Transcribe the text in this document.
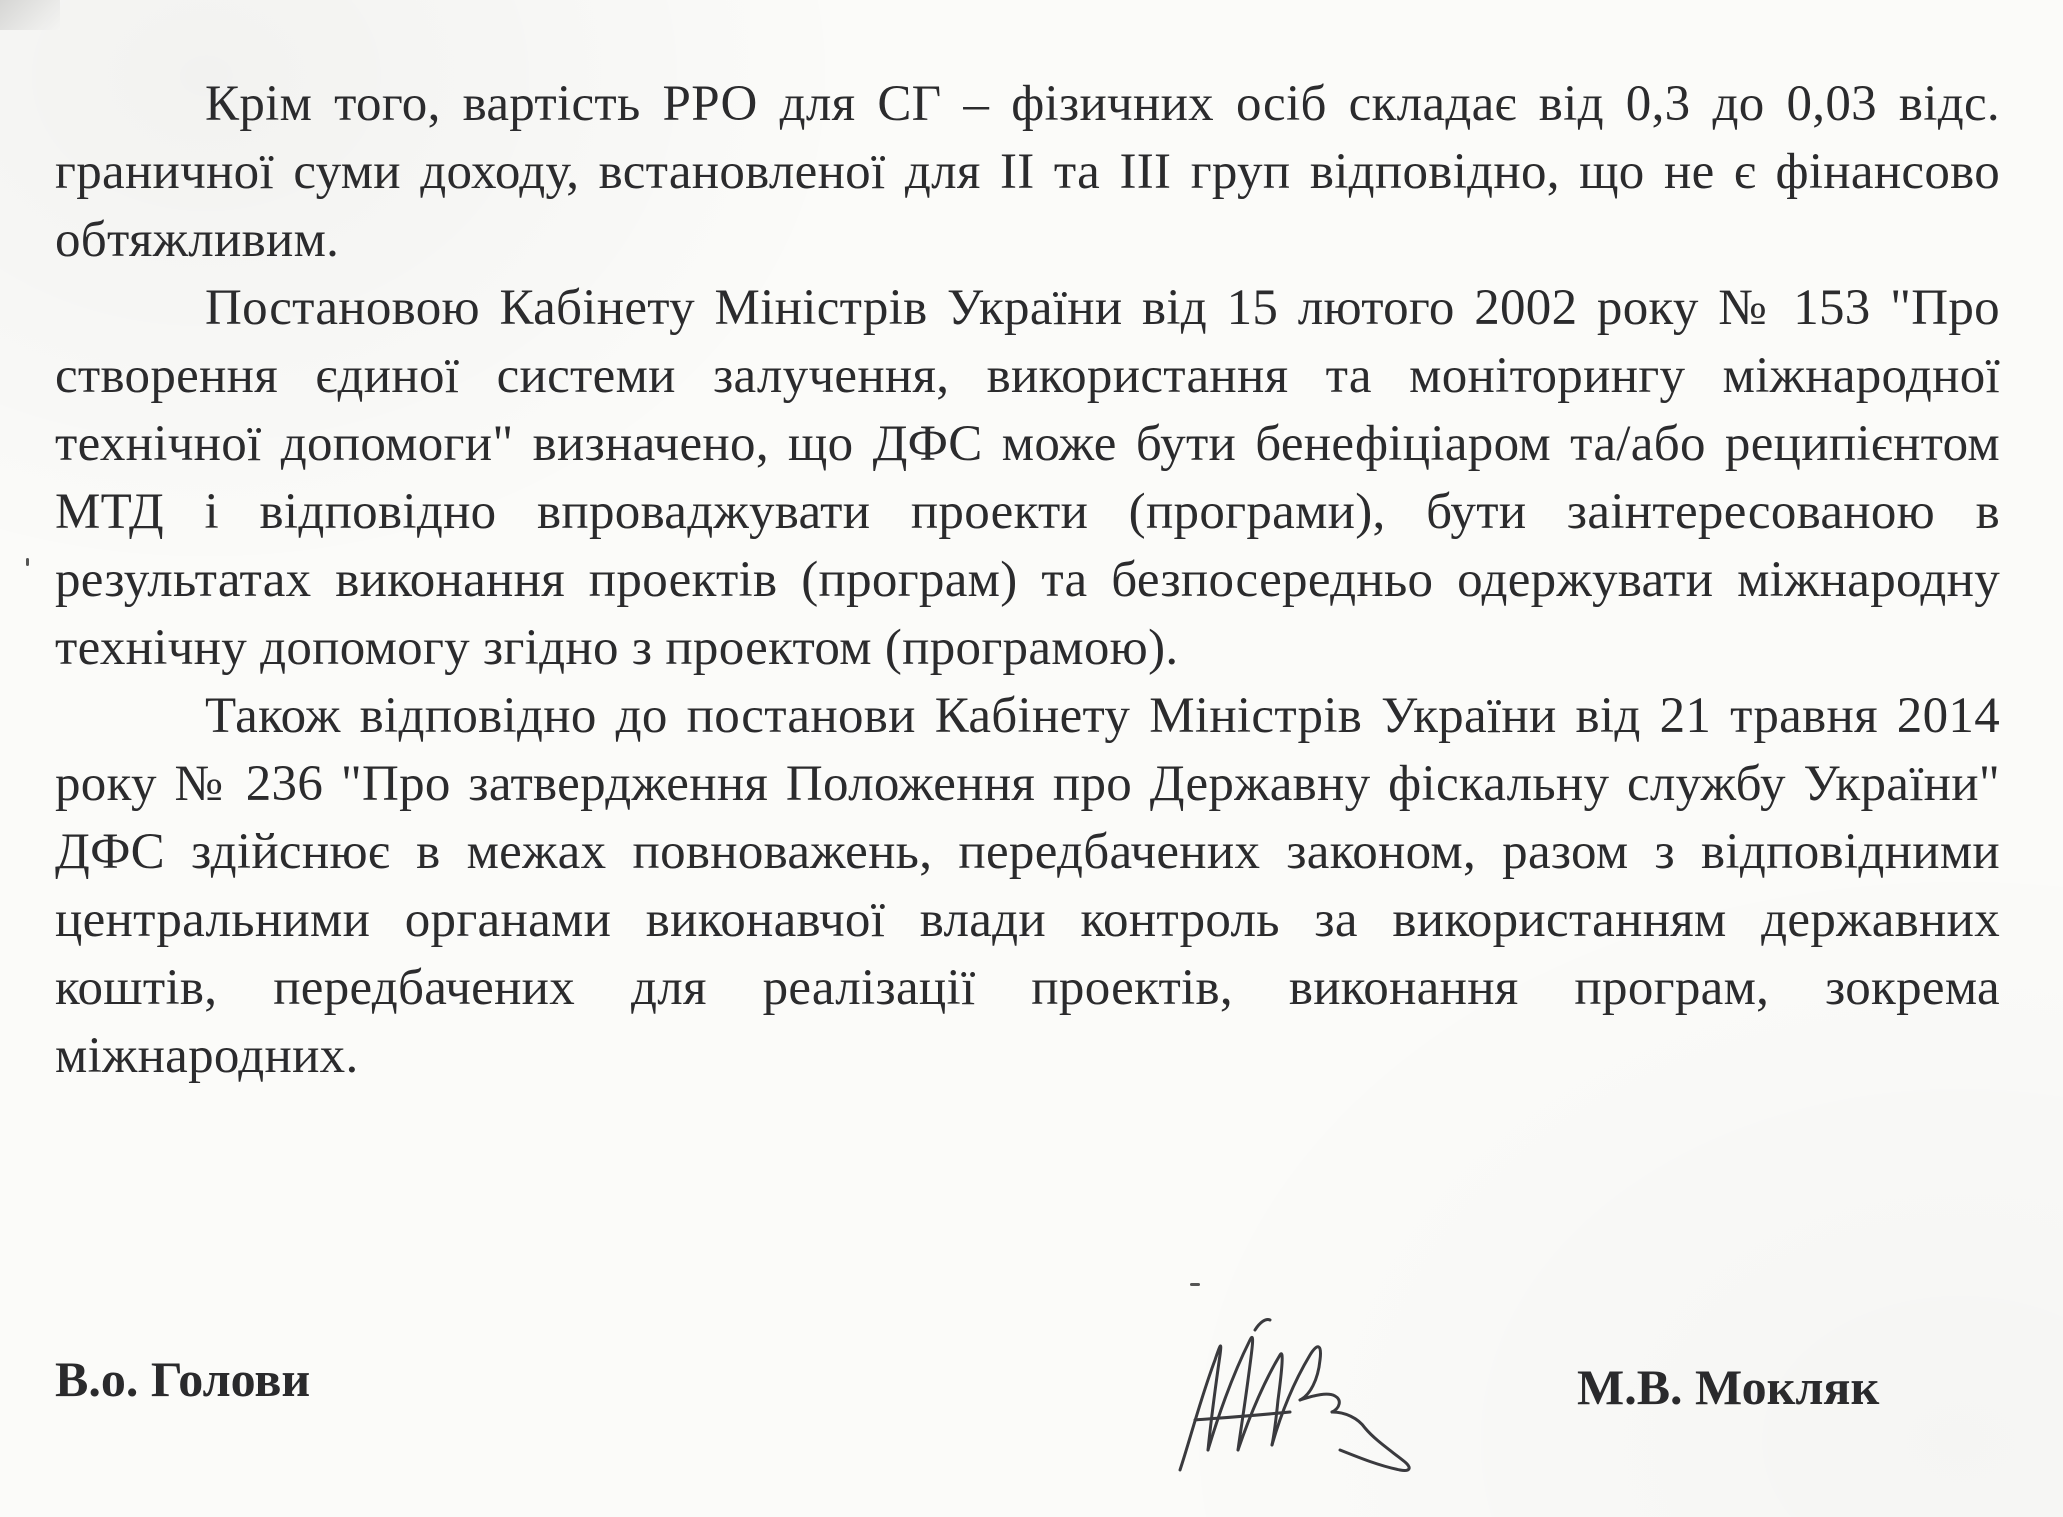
Крім того, вартість РРО для СГ – фізичних осіб складає від 0,3 до 0,03 відс. граничної суми доходу, встановленої для ІІ та ІІІ груп відповідно, що не є фінансово обтяжливим.

Постановою Кабінету Міністрів України від 15 лютого 2002 року № 153 "Про створення єдиної системи залучення, використання та моніторингу міжнародної технічної допомоги" визначено, що ДФС може бути бенефіціаром та/або реципієнтом МТД і відповідно впроваджувати проекти (програми), бути заінтересованою в результатах виконання проектів (програм) та безпосередньо одержувати міжнародну технічну допомогу згідно з проектом (програмою).

Також відповідно до постанови Кабінету Міністрів України від 21 травня 2014 року № 236 "Про затвердження Положення про Державну фіскальну службу України" ДФС здійснює в межах повноважень, передбачених законом, разом з відповідними центральними органами виконавчої влади контроль за використанням державних коштів, передбачених для реалізації проектів, виконання програм, зокрема міжнародних.

В.о. Голови	М.В. Мокляк
